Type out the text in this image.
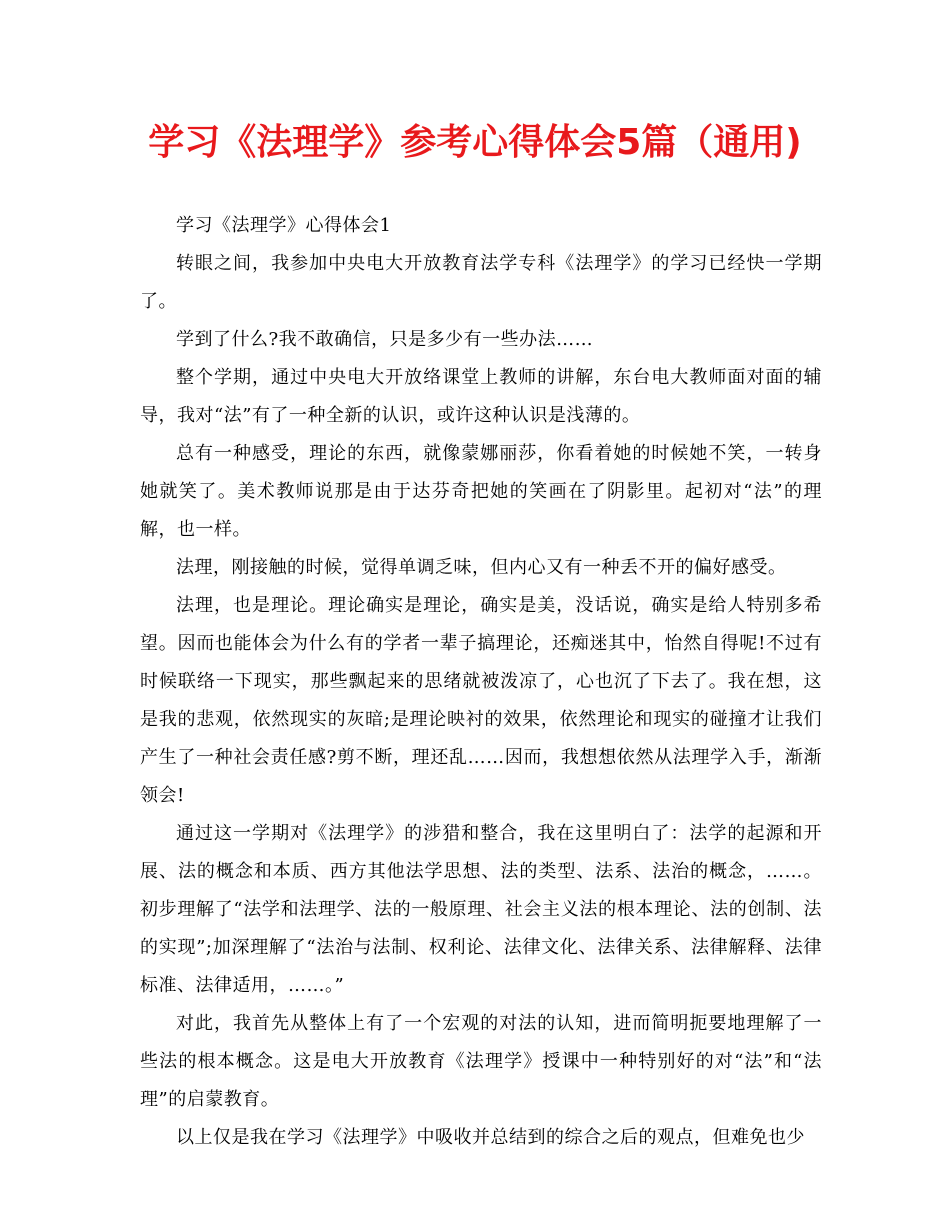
学习《法理学》参考心得体会5篇（通用)

学习《法理学》心得体会1

转眼之间，我参加中央电大开放教育法学专科《法理学》的学习已经快一学期了。

学到了什么?我不敢确信，只是多少有一些办法……

整个学期，通过中央电大开放络课堂上教师的讲解，东台电大教师面对面的辅导，我对“法”有了一种全新的认识，或许这种认识是浅薄的。

总有一种感受，理论的东西，就像蒙娜丽莎，你看着她的时候她不笑，一转身她就笑了。美术教师说那是由于达芬奇把她的笑画在了阴影里。起初对“法”的理解，也一样。

法理，刚接触的时候，觉得单调乏味，但内心又有一种丢不开的偏好感受。

法理，也是理论。理论确实是理论，确实是美，没话说，确实是给人特别多希望。因而也能体会为什么有的学者一辈子搞理论，还痴迷其中，怡然自得呢!不过有时候联络一下现实，那些飘起来的思绪就被泼凉了，心也沉了下去了。我在想，这是我的悲观，依然现实的灰暗;是理论映衬的效果，依然理论和现实的碰撞才让我们产生了一种社会责任感?剪不断，理还乱……因而，我想想依然从法理学入手，渐渐领会!

通过这一学期对《法理学》的涉猎和整合，我在这里明白了：法学的起源和开展、法的概念和本质、西方其他法学思想、法的类型、法系、法治的概念，……。初步理解了“法学和法理学、法的一般原理、社会主义法的根本理论、法的创制、法的实现”;加深理解了“法治与法制、权利论、法律文化、法律关系、法律解释、法律标准、法律适用，……。”

对此，我首先从整体上有了一个宏观的对法的认知，进而简明扼要地理解了一些法的根本概念。这是电大开放教育《法理学》授课中一种特别好的对“法”和“法理”的启蒙教育。

以上仅是我在学习《法理学》中吸收并总结到的综合之后的观点，但难免也少
